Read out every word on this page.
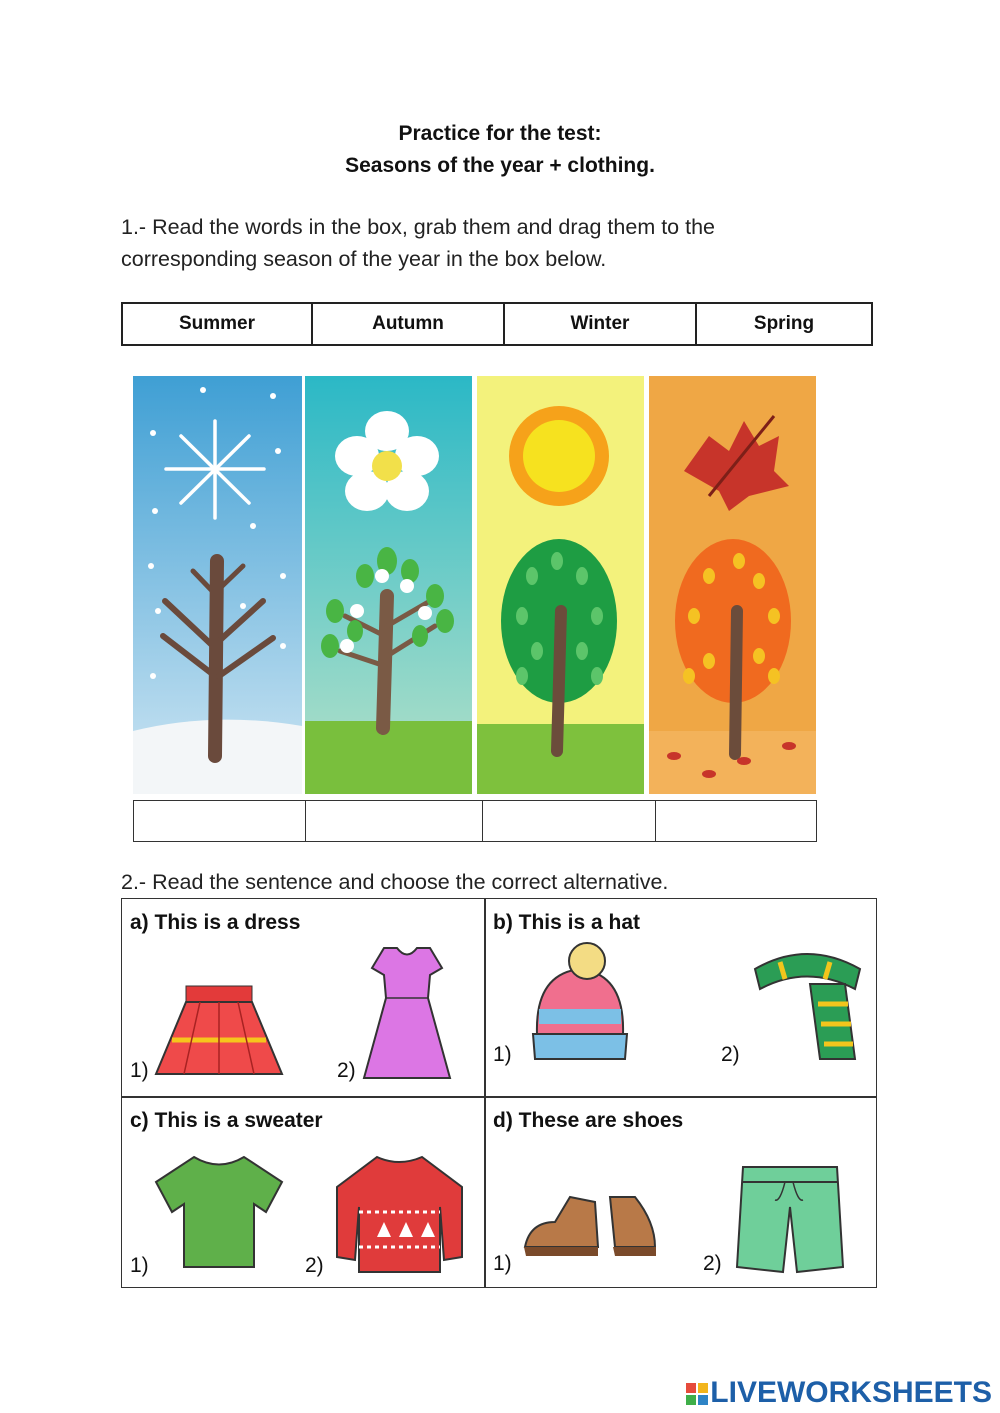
Practice for the test:
Seasons of the year + clothing.
1.- Read the words in the box, grab them and drag them to the
corresponding season of the year in the box below.
Summer	Autumn	Winter	Spring

2.- Read the sentence and choose the correct alternative.
a) This is a dress
1)	2)
b) This is a hat
1)	2)
c) This is a sweater
1)	2)
d) These are shoes
1)	2)
LIVEWORKSHEETS
